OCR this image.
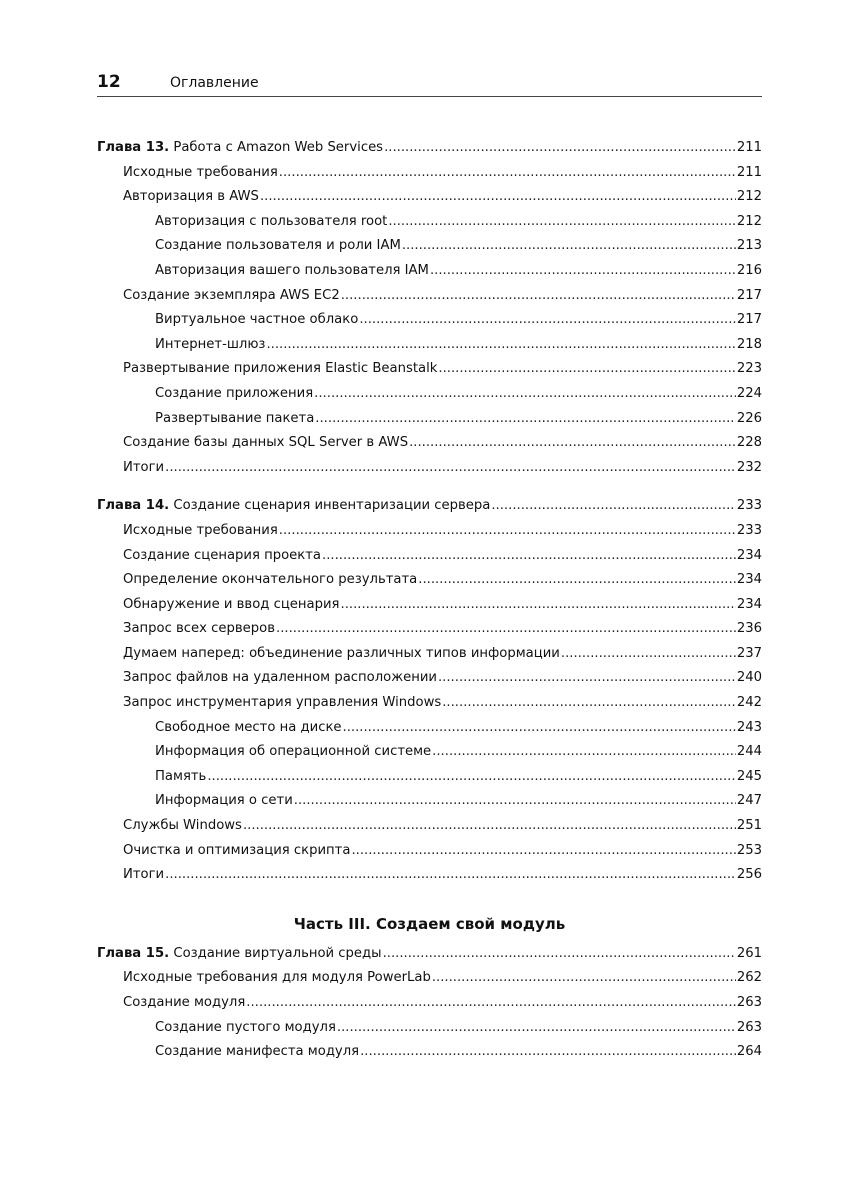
12	Оглавление
Глава 13. Работа с Amazon Web Services .....	211
Исходные требования .....	211
Авторизация в AWS .....	212
Авторизация с пользователя root .....	212
Создание пользователя и роли IAM .....	213
Авторизация вашего пользователя IAM .....	216
Создание экземпляра AWS EC2 .....	217
Виртуальное частное облако .....	217
Интернет-шлюз .....	218
Развертывание приложения Elastic Beanstalk .....	223
Создание приложения .....	224
Развертывание пакета .....	226
Создание базы данных SQL Server в AWS .....	228
Итоги .....	232
Глава 14. Создание сценария инвентаризации сервера .....	233
Исходные требования .....	233
Создание сценария проекта .....	234
Определение окончательного результата .....	234
Обнаружение и ввод сценария .....	234
Запрос всех серверов .....	236
Думаем наперед: объединение различных типов информации .....	237
Запрос файлов на удаленном расположении .....	240
Запрос инструментария управления Windows .....	242
Свободное место на диске .....	243
Информация об операционной системе .....	244
Память .....	245
Информация о сети .....	247
Службы Windows .....	251
Очистка и оптимизация скрипта .....	253
Итоги .....	256
Часть III. Создаем свой модуль
Глава 15. Создание виртуальной среды .....	261
Исходные требования для модуля PowerLab .....	262
Создание модуля .....	263
Создание пустого модуля .....	263
Создание манифеста модуля .....	264
